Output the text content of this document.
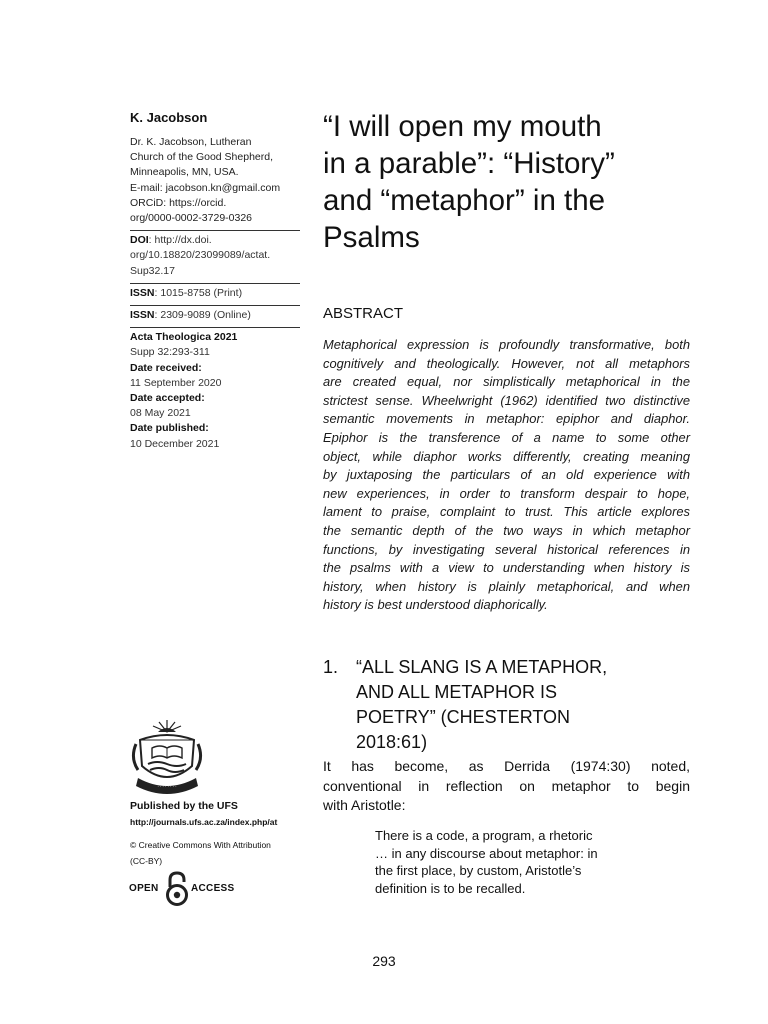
K. Jacobson
Dr. K. Jacobson, Lutheran
Church of the Good Shepherd,
Minneapolis, MN, USA.
E-mail: jacobson.kn@gmail.com
ORCiD: https://orcid.
org/0000-0002-3729-0326
DOI: http://dx.doi.
org/10.18820/23099089/actat.
Sup32.17
ISSN: 1015-8758 (Print)
ISSN: 2309-9089 (Online)
Acta Theologica 2021
Supp 32:293-311
Date received:
11 September 2020
Date accepted:
08 May 2021
Date published:
10 December 2021
“I will open my mouth
in a parable”: “History”
and “metaphor” in the
Psalms
ABSTRACT
Metaphorical expression is profoundly transformative, both
cognitively and theologically. However, not all metaphors
are created equal, nor simplistically metaphorical in the
strictest sense. Wheelwright (1962) identified two distinctive
semantic movements in metaphor: epiphor and diaphor.
Epiphor is the transference of a name to some other
object, while diaphor works differently, creating meaning
by juxtaposing the particulars of an old experience with
new experiences, in order to transform despair to hope,
lament to praise, complaint to trust. This article explores
the semantic depth of the two ways in which metaphor
functions, by investigating several historical references in
the psalms with a view to understanding when history is
history, when history is plainly metaphorical, and when
history is best understood diaphorically.
1. “ALL SLANG IS A METAPHOR,
AND ALL METAPHOR IS
POETRY” (CHESTERTON
2018:61)
It has become, as Derrida (1974:30) noted,
conventional in reflection on metaphor to begin
with Aristotle:
There is a code, a program, a rhetoric
… in any discourse about metaphor: in
the first place, by custom, Aristotle’s
definition is to be recalled.
· · · · · · · ·
Published by the UFS
http://journals.ufs.ac.za/index.php/at
© Creative Commons With Attribution
(CC-BY)
OPEN	ACCESS
293
